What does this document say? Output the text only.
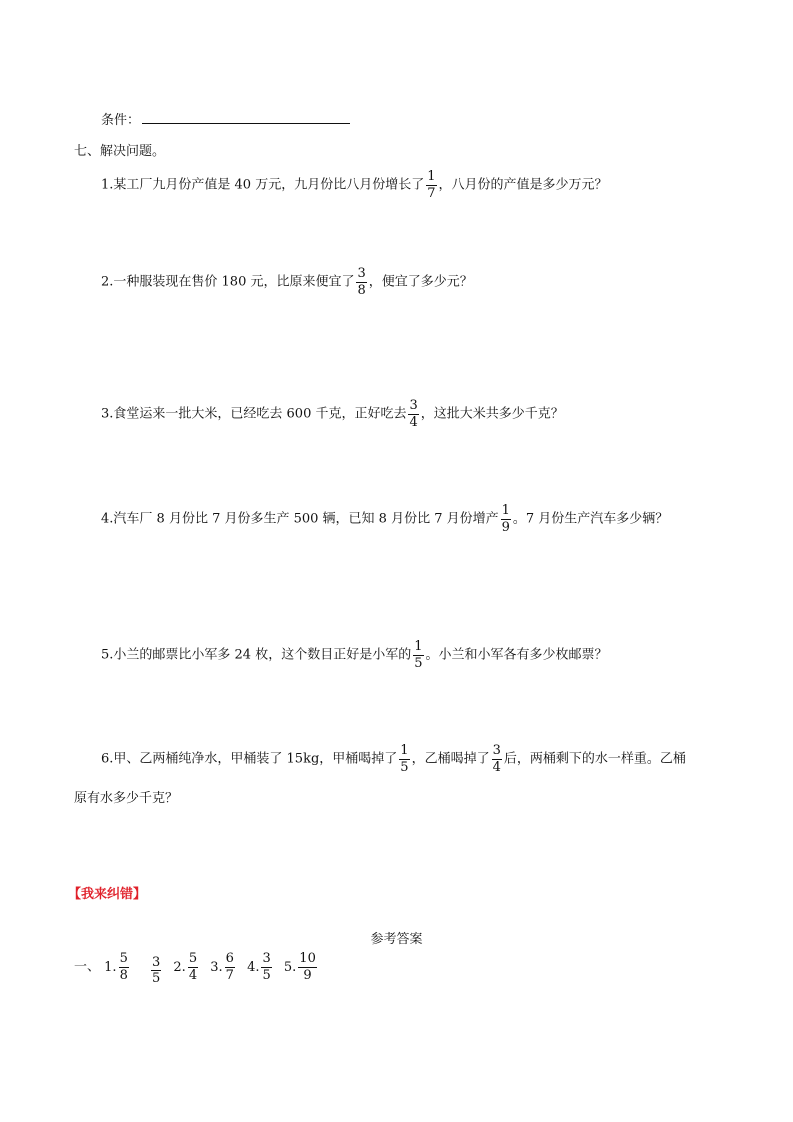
条件：
七、解决问题。
1.某工厂九月份产值是 40 万元，九月份比八月份增长了 $\frac{1}{7}$ ，八月份的产值是多少万元？
2.一种服装现在售价 180 元，比原来便宜了 $\frac{3}{8}$ ，便宜了多少元？
3.食堂运来一批大米，已经吃去 600 千克，正好吃去 $\frac{3}{4}$ ，这批大米共多少千克？
4.汽车厂 8 月份比 7 月份多生产 500 辆，已知 8 月份比 7 月份增产 $\frac{1}{9}$ 。7 月份生产汽车多少辆？
5.小兰的邮票比小军多 24 枚，这个数目正好是小军的 $\frac{1}{5}$ 。小兰和小军各有多少枚邮票？
6.甲、乙两桶纯净水，甲桶装了 15kg，甲桶喝掉了 $\frac{1}{5}$ ，乙桶喝掉了 $\frac{3}{4}$ 后，两桶剩下的水一样重。乙桶
原有水多少千克？
【我来纠错】
参考答案
一、 1. $\frac{5}{8}$
$\frac{3}{5}$
2. $\frac{5}{4}$
3. $\frac{6}{7}$
4. $\frac{3}{5}$
5. $\frac{10}{9}$
